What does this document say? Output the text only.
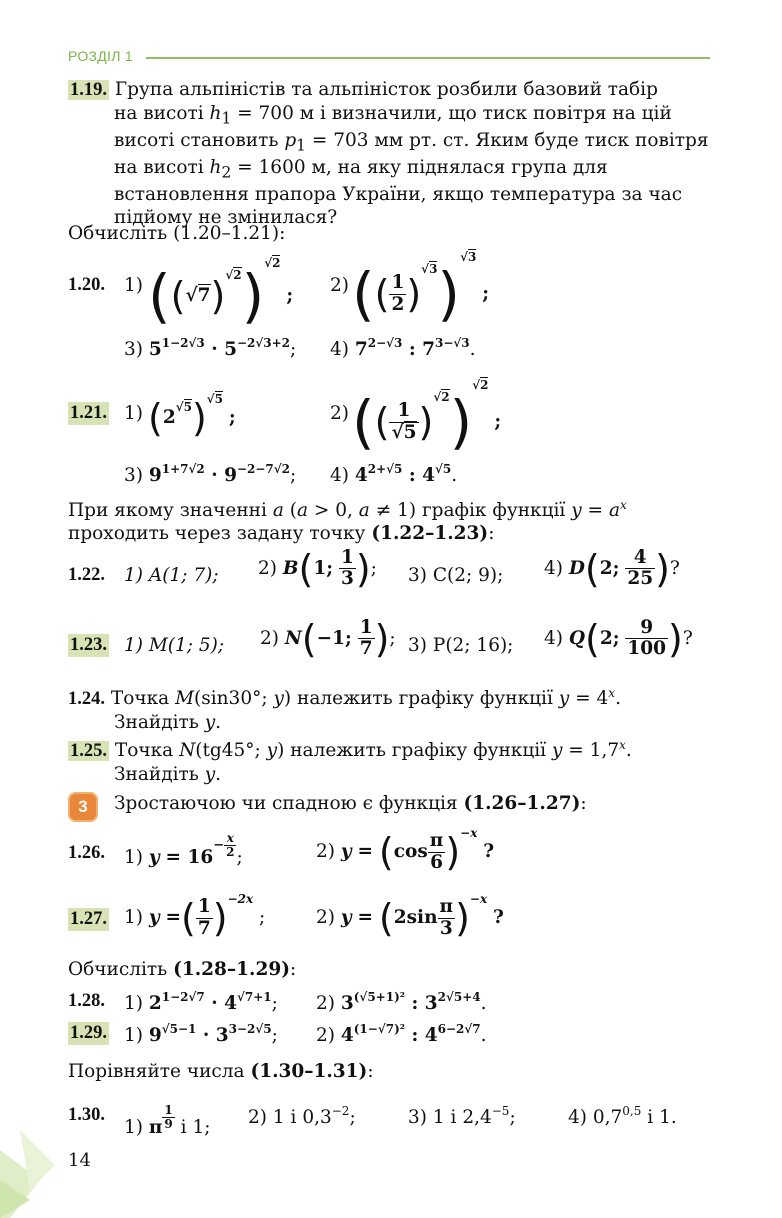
РОЗДІЛ 1
1.19. Група альпіністів та альпіністок розбили базовий табір
на висоті $h_1 = 700$ м і визначили, що тиск повітря на цій висоті становить $p_1 = 703$ мм рт. ст. Яким буде тиск повітря на висоті $h_2 = 1600$ м, на яку піднялася група для встановлення прапора України, якщо температура за час підйому не змінилася?
Обчисліть (1.20–1.21):
1.20. 1) $((√7)^{√2})^{√2}$ ; 2) (( $\frac{1}{2} )^{√3})^{√3}$ ;
3) $5^{1-2√3} \cdot 5^{-2√3+2}$; 4) $7^{2-√3}$ : $7^{3-√3}$.
1.21. 1) $(2^{√5})^{√5}$ ;	2) (( $\frac{1}{√5} )^{√2})^{√2}$ ;
3) $9^{1+7√2} \cdot 9^{-2-7√2}$; 4) $4^{2+√5}$ : $4^{√5}$.
При якому значенні a (a > 0, a ≠ 1) графік функції $y = a^x$ проходить через задану точку (1.22–1.23):
1.22. 1) A(1; 7); 2) B(1; $\frac{1}{3}$ ); 3) C(2; 9); 4) D(2; $\frac{4}{25}$ )?
1.23. 1) M(1; 5); 2) N(−1; $\frac{1}{7}$ ); 3) P(2; 16); 4) Q(2; $\frac{9}{100}$ )?
1.24. Точка M(sin30°; y) належить графіку функції $y = 4^x$.
Знайдіть y.
1.25. Точка N(tg45°; y) належить графіку функції $y = 1,7^x$.
Знайдіть y.
3	Зростаючою чи спадною є функція (1.26–1.27):
1.26. 1) $y = 16^{- \frac{x}{2}}$ ;	2) $y = (\cos \frac{\pi}{6} )^{-x}$ ?
1.27. 1) y =( $\frac{1}{7} )^{-2x}$ ;	2) $y = (2\sin \frac{\pi}{3} )^{-x}$ ?
Обчисліть (1.28–1.29):
1.28. 1) $2^{1-2√7} \cdot 4^{√7+1}$; 2) $3^{(√5+1)^2}$ : $3^{2√5+4}$.
1.29. 1) $9^{√5-1} \cdot 3^{3-2√5}$; 2) $4^{(1-√7)^2}$ : $4^{6-2√7}$.
Порівняйте числа (1.30–1.31):
1.30.
1) π $^{\frac{1}{9}}$ і 1; 2) 1 і $0,3^{-2}$;	3) 1 і $2,4^{-5}$;	4) 0,7$^{0,5}$ і 1.
14
